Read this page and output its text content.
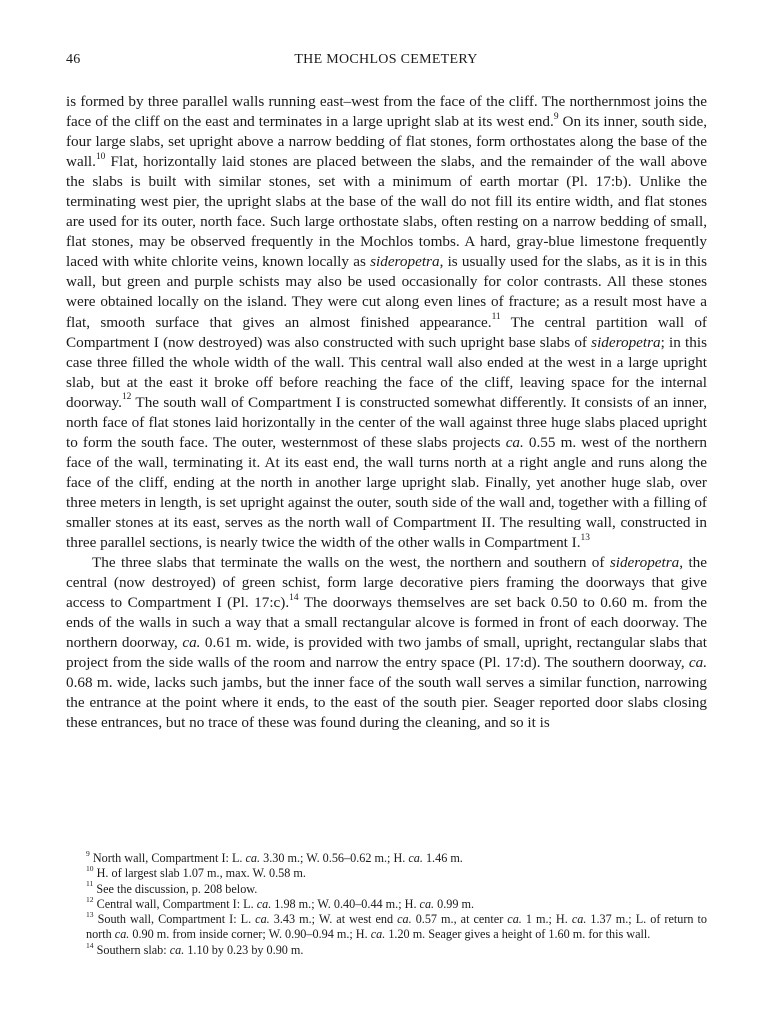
46	THE MOCHLOS CEMETERY

is formed by three parallel walls running east–west from the face of the cliff. The northernmost joins the face of the cliff on the east and terminates in a large upright slab at its west end.$^9$ On its inner, south side, four large slabs, set upright above a narrow bedding of flat stones, form orthostates along the base of the wall.$^{10}$ Flat, horizontally laid stones are placed between the slabs, and the remainder of the wall above the slabs is built with similar stones, set with a minimum of earth mortar (Pl. 17:b). Unlike the terminating west pier, the upright slabs at the base of the wall do not fill its entire width, and flat stones are used for its outer, north face. Such large orthostate slabs, often resting on a narrow bedding of small, flat stones, may be observed frequently in the Mochlos tombs. A hard, gray-blue limestone frequently laced with white chlorite veins, known locally as sideropetra, is usually used for the slabs, as it is in this wall, but green and purple schists may also be used occasionally for color contrasts. All these stones were obtained locally on the island. They were cut along even lines of fracture; as a result most have a flat, smooth surface that gives an almost finished appearance.$^{11}$ The central partition wall of Compartment I (now destroyed) was also constructed with such upright base slabs of sideropetra; in this case three filled the whole width of the wall. This central wall also ended at the west in a large upright slab, but at the east it broke off before reaching the face of the cliff, leaving space for the internal doorway.$^{12}$ The south wall of Compartment I is constructed somewhat differently. It consists of an inner, north face of flat stones laid horizontally in the center of the wall against three huge slabs placed upright to form the south face. The outer, westernmost of these slabs projects ca. 0.55 m. west of the northern face of the wall, terminating it. At its east end, the wall turns north at a right angle and runs along the face of the cliff, ending at the north in another large upright slab. Finally, yet another huge slab, over three meters in length, is set upright against the outer, south side of the wall and, together with a filling of smaller stones at its east, serves as the north wall of Compartment II. The resulting wall, constructed in three parallel sections, is nearly twice the width of the other walls in Compartment I.$^{13}$

The three slabs that terminate the walls on the west, the northern and southern of sideropetra, the central (now destroyed) of green schist, form large decorative piers framing the doorways that give access to Compartment I (Pl. 17:c).$^{14}$ The doorways themselves are set back 0.50 to 0.60 m. from the ends of the walls in such a way that a small rectangular alcove is formed in front of each doorway. The northern doorway, ca. 0.61 m. wide, is provided with two jambs of small, upright, rectangular slabs that project from the side walls of the room and narrow the entry space (Pl. 17:d). The southern doorway, ca. 0.68 m. wide, lacks such jambs, but the inner face of the south wall serves a similar function, narrowing the entrance at the point where it ends, to the east of the south pier. Seager reported door slabs closing these entrances, but no trace of these was found during the cleaning, and so it is

$^9$ North wall, Compartment I: L. ca. 3.30 m.; W. 0.56–0.62 m.; H. ca. 1.46 m.
$^{10}$ H. of largest slab 1.07 m., max. W. 0.58 m.
$^{11}$ See the discussion, p. 208 below.
$^{12}$ Central wall, Compartment I: L. ca. 1.98 m.; W. 0.40–0.44 m.; H. ca. 0.99 m.
$^{13}$ South wall, Compartment I: L. ca. 3.43 m.; W. at west end ca. 0.57 m., at center ca. 1 m.; H. ca. 1.37 m.; L. of return to north ca. 0.90 m. from inside corner; W. 0.90–0.94 m.; H. ca. 1.20 m. Seager gives a height of 1.60 m. for this wall.
$^{14}$ Southern slab: ca. 1.10 by 0.23 by 0.90 m.
